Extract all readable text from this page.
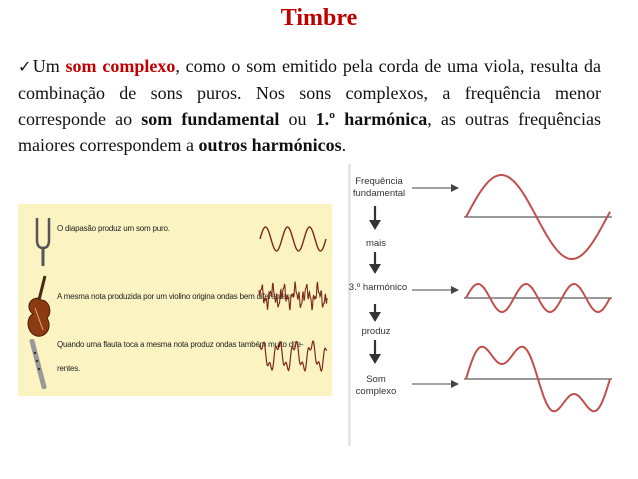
Timbre
✓Um som complexo, como o som emitido pela corda de uma viola, resulta da combinação de sons puros. Nos sons complexos, a frequência menor corresponde ao som fundamental ou 1.º harmónica, as outras frequências maiores correspondem a outros harmónicos.
O diapasão produz um som puro.
A mesma nota produzida por um violino origina ondas bem diferentes.
Quando uma flauta toca a mesma nota produz ondas também muito dife-
rentes.
Frequência
fundamental
mais
3.º harmónico
produz
Som
complexo
